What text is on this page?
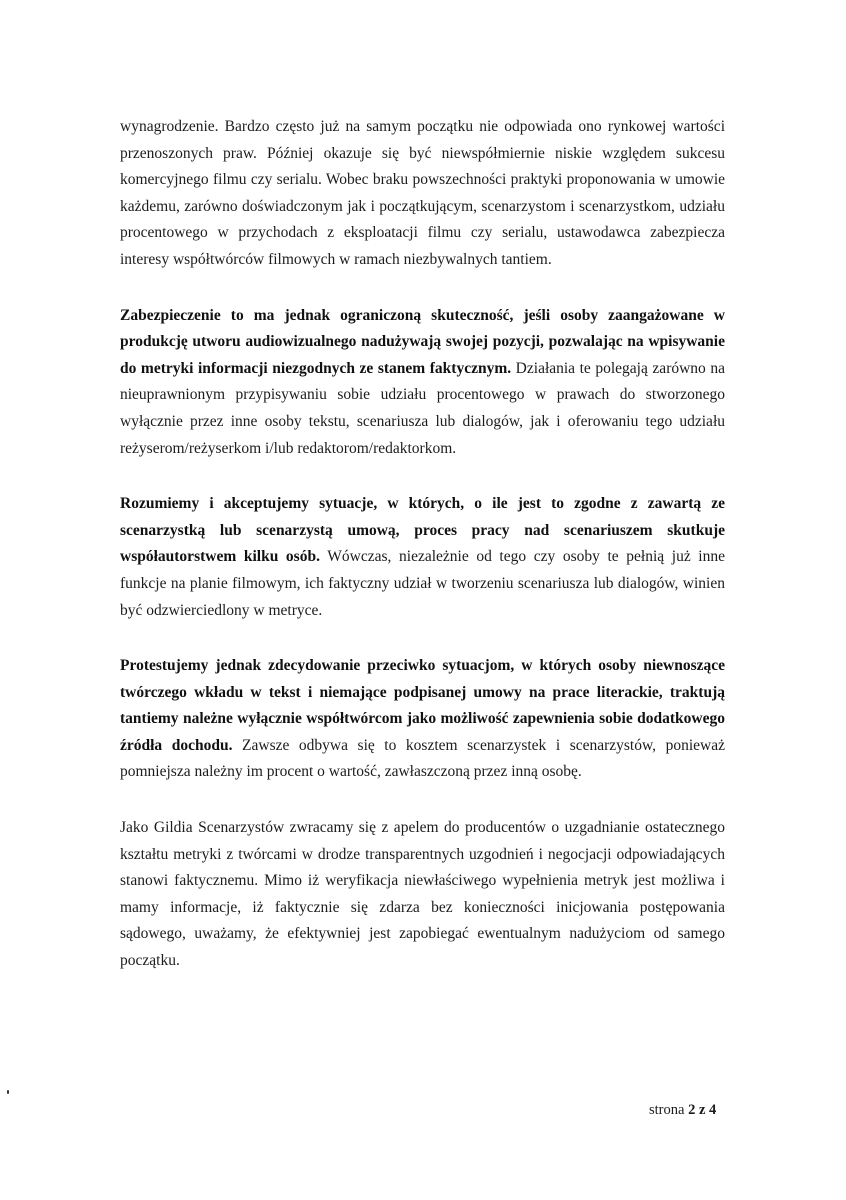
wynagrodzenie. Bardzo często już na samym początku nie odpowiada ono rynkowej wartości przenoszonych praw. Później okazuje się być niewspółmiernie niskie względem sukcesu komercyjnego filmu czy serialu. Wobec braku powszechności praktyki proponowania w umowie każdemu, zarówno doświadczonym jak i początkującym, scenarzystom i scenarzystkom, udziału procentowego w przychodach z eksploatacji filmu czy serialu, ustawodawca zabezpiecza interesy współtwórców filmowych w ramach niezbywalnych tantiem.

Zabezpieczenie to ma jednak ograniczoną skuteczność, jeśli osoby zaangażowane w produkcję utworu audiowizualnego nadużywają swojej pozycji, pozwalając na wpisywanie do metryki informacji niezgodnych ze stanem faktycznym. Działania te polegają zarówno na nieuprawnionym przypisywaniu sobie udziału procentowego w prawach do stworzonego wyłącznie przez inne osoby tekstu, scenariusza lub dialogów, jak i oferowaniu tego udziału reżyserom/reżyserkom i/lub redaktorom/redaktorkom.

Rozumiemy i akceptujemy sytuacje, w których, o ile jest to zgodne z zawartą ze scenarzystką lub scenarzystą umową, proces pracy nad scenariuszem skutkuje współautorstwem kilku osób. Wówczas, niezależnie od tego czy osoby te pełnią już inne funkcje na planie filmowym, ich faktyczny udział w tworzeniu scenariusza lub dialogów, winien być odzwierciedlony w metryce.

Protestujemy jednak zdecydowanie przeciwko sytuacjom, w których osoby niewnoszące twórczego wkładu w tekst i niemające podpisanej umowy na prace literackie, traktują tantiemy należne wyłącznie współtwórcom jako możliwość zapewnienia sobie dodatkowego źródła dochodu. Zawsze odbywa się to kosztem scenarzystek i scenarzystów, ponieważ pomniejsza należny im procent o wartość, zawłaszczoną przez inną osobę.

Jako Gildia Scenarzystów zwracamy się z apelem do producentów o uzgadnianie ostatecznego kształtu metryki z twórcami w drodze transparentnych uzgodnień i negocjacji odpowiadających stanowi faktycznemu. Mimo iż weryfikacja niewłaściwego wypełnienia metryk jest możliwa i mamy informacje, iż faktycznie się zdarza bez konieczności inicjowania postępowania sądowego, uważamy, że efektywniej jest zapobiegać ewentualnym nadużyciom od samego początku.

strona 2 z 4
